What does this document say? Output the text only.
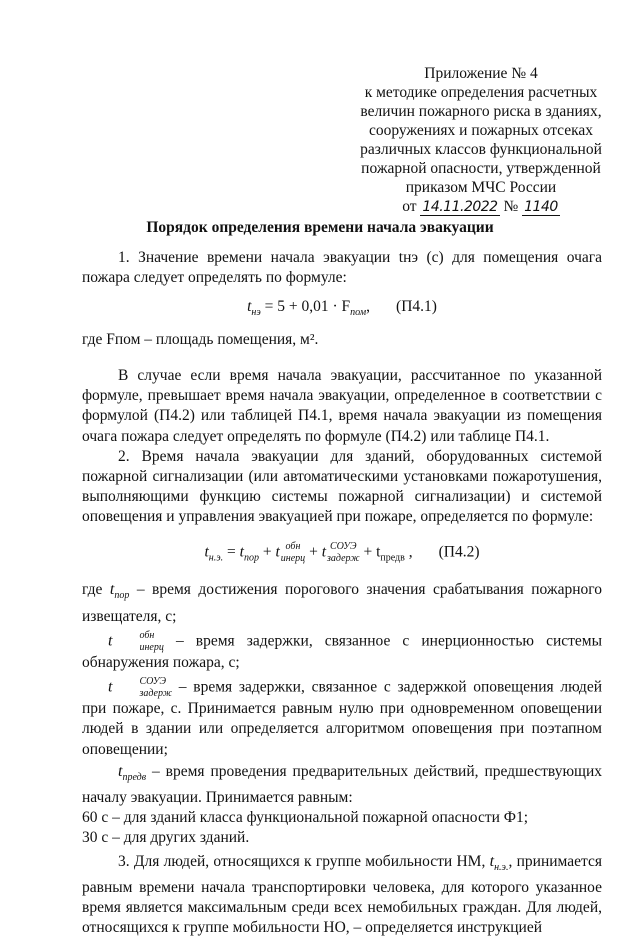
Приложение № 4
к методике определения расчетных
величин пожарного риска в зданиях,
сооружениях и пожарных отсеках
различных классов функциональной
пожарной опасности, утвержденной
приказом МЧС России
от 14.11.2022 № 1140
Порядок определения времени начала эвакуации

1. Значение времени начала эвакуации tнэ (с) для помещения очага пожара следует определять по формуле:

$t_{нэ} = 5 + 0,01 \cdot F_{пом}$, (П4.1)

где Fпом – площадь помещения, м².

В случае если время начала эвакуации, рассчитанное по указанной формуле, превышает время начала эвакуации, определенное в соответствии с формулой (П4.2) или таблицей П4.1, время начала эвакуации из помещения очага пожара следует определять по формуле (П4.2) или таблице П4.1.

2. Время начала эвакуации для зданий, оборудованных системой пожарной сигнализации (или автоматическими установками пожаротушения, выполняющими функцию системы пожарной сигнализации) и системой оповещения и управления эвакуацией при пожаре, определяется по формуле:

$t_{н.э.} = t_{пор} + t$ обн
инерц + t СОУЭ
задерж + $t_{предв}$ , (П4.2)

где $t_{пор}$ – время достижения порогового значения срабатывания пожарного извещателя, с;

t	обн
инерц – время задержки, связанное с инерционностью системы обнаружения пожара, с;

t	СОУЭ
задерж – время задержки, связанное с задержкой оповещения людей при пожаре, с. Принимается равным нулю при одновременном оповещении людей в здании или определяется алгоритмом оповещения при поэтапном оповещении;

$t_{предв}$ – время проведения предварительных действий, предшествующих началу эвакуации. Принимается равным:

60 с – для зданий класса функциональной пожарной опасности Ф1;

30 с – для других зданий.

3. Для людей, относящихся к группе мобильности НМ, $t_{н.э.}$, принимается равным времени начала транспортировки человека, для которого указанное время является максимальным среди всех немобильных граждан. Для людей, относящихся к группе мобильности НО, – определяется инструкцией
